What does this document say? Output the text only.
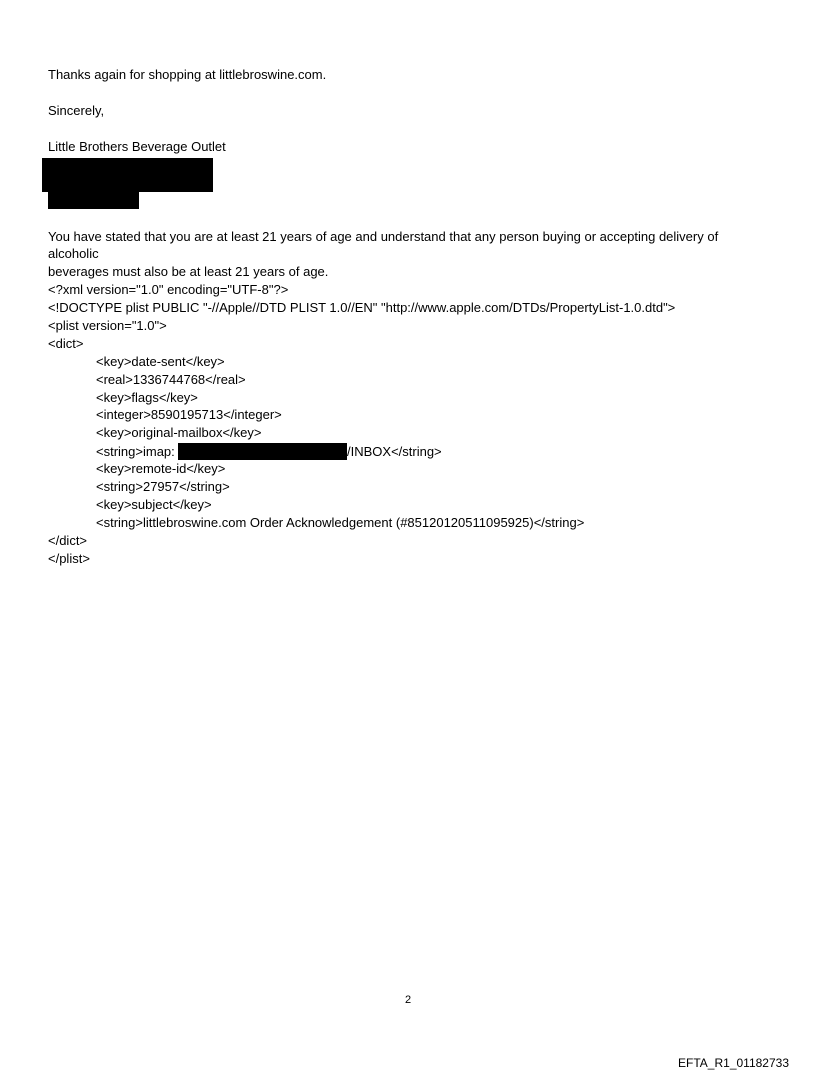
Thanks again for shopping at littlebroswine.com.
Sincerely,
Little Brothers Beverage Outlet
You have stated that you are at least 21 years of age and understand that any person buying or accepting delivery of
alcoholic
beverages must also be at least 21 years of age.
<?xml version="1.0" encoding="UTF-8"?>
<!DOCTYPE plist PUBLIC "-//Apple//DTD PLIST 1.0//EN" "http://www.apple.com/DTDs/PropertyList-1.0.dtd">
<plist version="1.0">
<dict>
<key>date-sent</key>
<real>1336744768</real>
<key>flags</key>
<integer>8590195713</integer>
<key>original-mailbox</key>
<string>imap:	/INBOX</string>
<key>remote-id</key>
<string>27957</string>
<key>subject</key>
<string>littlebroswine.com Order Acknowledgement (#85120120511095925)</string>
</dict>
</plist>
2
EFTA_R1_01182733
